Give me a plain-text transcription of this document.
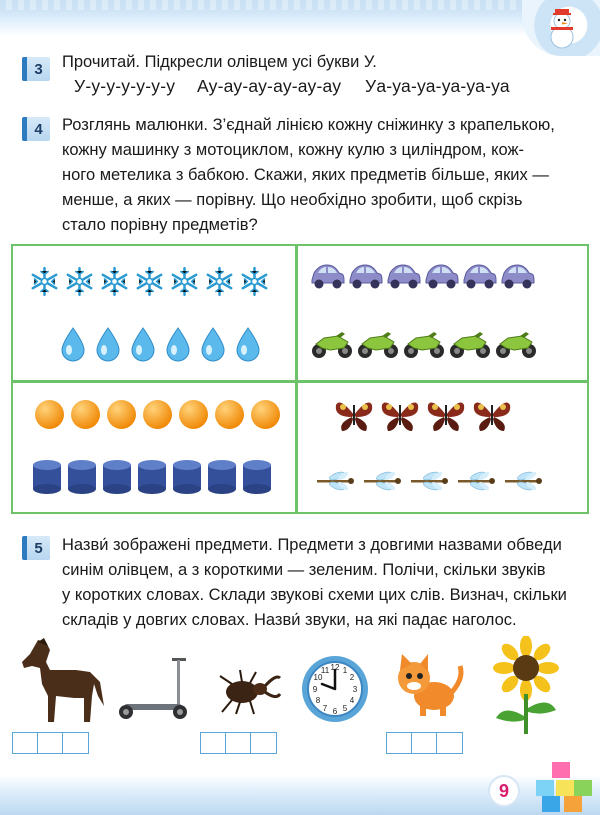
3	Прочитай. Підкресли олівцем усі букви У.
У-у-у-у-у-у-у Ау-ау-ау-ау-ау-ау Уа-уа-уа-уа-уа-уа
4	Розглянь малюнки. З’єднай лінією кожну сніжинку з крапелькою,
кожну машинку з мотоциклом, кожну кулю з циліндром, кож-
ного метелика з бабкою. Скажи, яких предметів більше, яких —
менше, а яких — порівну. Що необхідно зробити, щоб скрізь
стало порівну предметів?
5	Назви́ зображені предмети. Предмети з довгими назвами обведи
синім олівцем, а з короткими — зеленим. Полічи, скільки звуків
у коротких словах. Склади звукові схеми цих слів. Визнач, скільки
складів у довгих словах. Назви́ звуки, на які падає наголос.
12 1
2
3
4
5
6
7
8
9
10
11
9
